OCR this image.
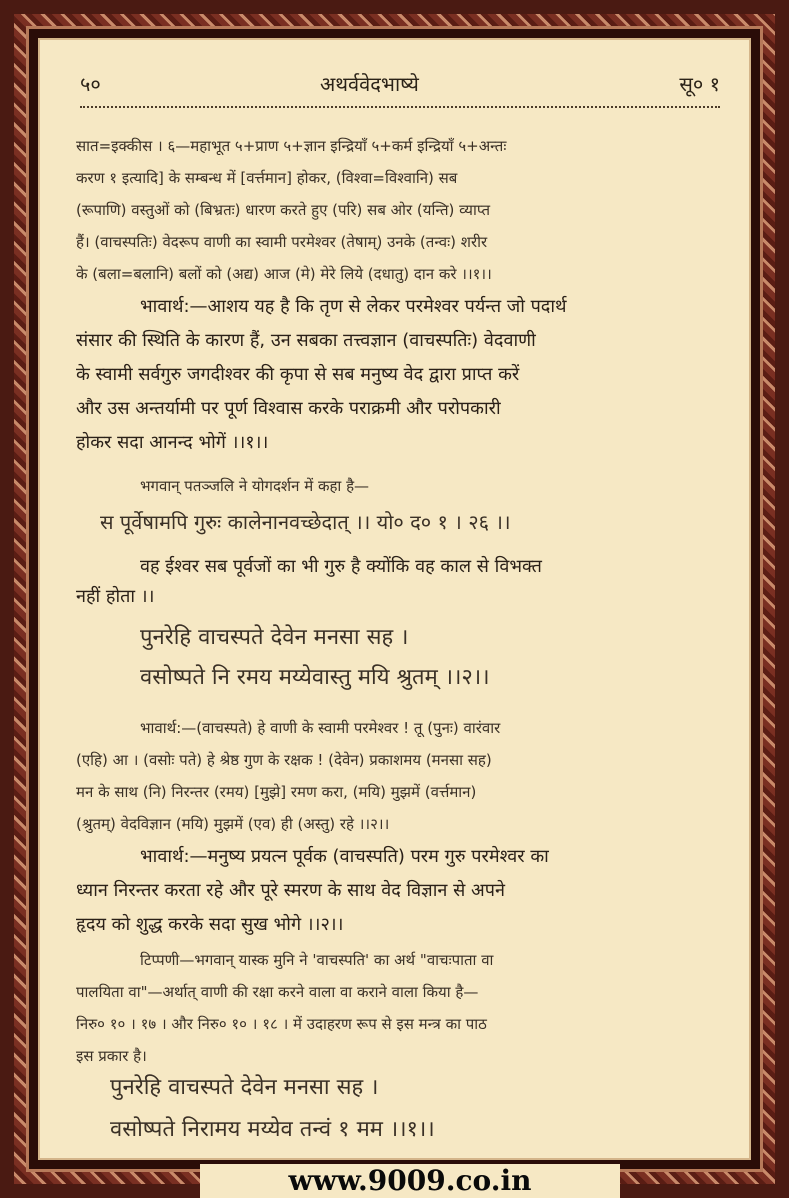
५०	अथर्ववेदभाष्ये	सू० १
सात=इक्कीस । ६—महाभूत ५+प्राण ५+ज्ञान इन्द्रियाँ ५+कर्म इन्द्रियाँ ५+अन्तः
करण १ इत्यादि] के सम्बन्ध में [वर्त्तमान] होकर, (विश्वा=विश्वानि) सब
(रूपाणि) वस्तुओं को (बिभ्रतः) धारण करते हुए (परि) सब ओर (यन्ति) व्याप्त
हैं। (वाचस्पतिः) वेदरूप वाणी का स्वामी परमेश्वर (तेषाम्) उनके (तन्वः) शरीर
के (बला=बलानि) बलों को (अद्य) आज (मे) मेरे लिये (दधातु) दान करे ।।१।।
भावार्थ:—आशय यह है कि तृण से लेकर परमेश्वर पर्यन्त जो पदार्थ
संसार की स्थिति के कारण हैं, उन सबका तत्त्वज्ञान (वाचस्पतिः) वेदवाणी
के स्वामी सर्वगुरु जगदीश्वर की कृपा से सब मनुष्य वेद द्वारा प्राप्त करें
और उस अन्तर्यामी पर पूर्ण विश्वास करके पराक्रमी और परोपकारी
होकर सदा आनन्द भोगें ।।१।।
भगवान् पतञ्जलि ने योगदर्शन में कहा है—
स पूर्वेषामपि गुरुः कालेनानवच्छेदात् ।। यो० द० १ । २६ ।।
वह ईश्वर सब पूर्वजों का भी गुरु है क्योंकि वह काल से विभक्त
नहीं होता ।।
पुनरेहि वाचस्पते देवेन मनसा सह ।
वसोष्पते नि रमय मय्येवास्तु मयि श्रुतम् ।।२।।
भावार्थ:—(वाचस्पते) हे वाणी के स्वामी परमेश्वर ! तू (पुनः) वारंवार
(एहि) आ । (वसोः पते) हे श्रेष्ठ गुण के रक्षक ! (देवेन) प्रकाशमय (मनसा सह)
मन के साथ (नि) निरन्तर (रमय) [मुझे] रमण करा, (मयि) मुझमें (वर्त्तमान)
(श्रुतम्) वेदविज्ञान (मयि) मुझमें (एव) ही (अस्तु) रहे ।।२।।
भावार्थ:—मनुष्य प्रयत्न पूर्वक (वाचस्पति) परम गुरु परमेश्वर का
ध्यान निरन्तर करता रहे और पूरे स्मरण के साथ वेद विज्ञान से अपने
हृदय को शुद्ध करके सदा सुख भोगे ।।२।।
टिप्पणी—भगवान् यास्क मुनि ने 'वाचस्पति' का अर्थ "वाचःपाता वा
पालयिता वा"—अर्थात् वाणी की रक्षा करने वाला वा कराने वाला किया है—
निरु० १० । १७ । और निरु० १० । १८ । में उदाहरण रूप से इस मन्त्र का पाठ
इस प्रकार है।
पुनरेहि वाचस्पते देवेन मनसा सह ।
वसोष्पते निरामय मय्येव तन्वं १ मम ।।१।।
www.9009.co.in
